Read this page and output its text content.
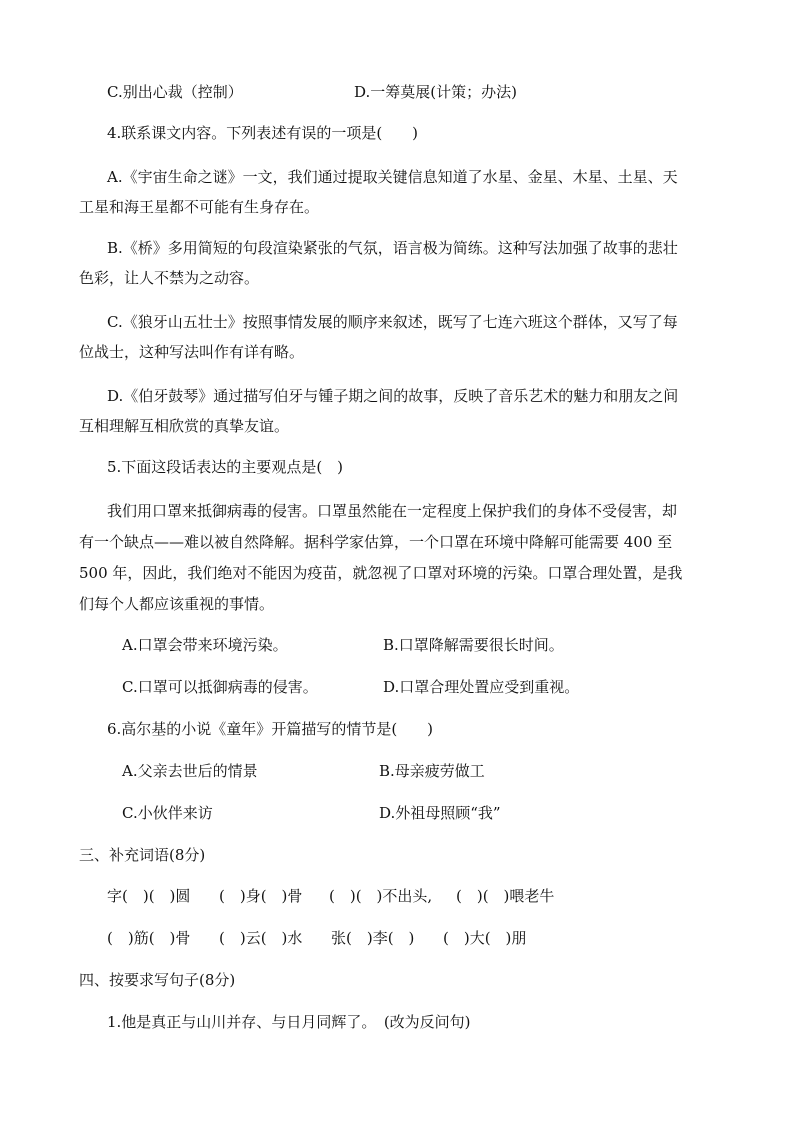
C.别出心裁（控制）	D.一筹莫展(计策；办法)
4.联系课文内容。下列表述有误的一项是(　　)
A.《宇宙生命之谜》一文，我们通过提取关键信息知道了水星、金星、木星、土星、天
工星和海王星都不可能有生身存在。
B.《桥》多用简短的句段渲染紧张的气氛，语言极为简练。这种写法加强了故事的悲壮
色彩，让人不禁为之动容。
C.《狼牙山五壮士》按照事情发展的顺序来叙述，既写了七连六班这个群体，又写了每
位战士，这种写法叫作有详有略。
D.《伯牙鼓琴》通过描写伯牙与锺子期之间的故事，反映了音乐艺术的魅力和朋友之间
互相理解互相欣赏的真挚友谊。
5.下面这段话表达的主要观点是(　)
我们用口罩来抵御病毒的侵害。口罩虽然能在一定程度上保护我们的身体不受侵害，却
有一个缺点——难以被自然降解。据科学家估算，一个口罩在环境中降解可能需要 400 至
500 年，因此，我们绝对不能因为疫苗，就忽视了口罩对环境的污染。口罩合理处置，是我
们每个人都应该重视的事情。
A.口罩会带来环境污染。	B.口罩降解需要很长时间。
C.口罩可以抵御病毒的侵害。	D.口罩合理处置应受到重视。
6.高尔基的小说《童年》开篇描写的情节是(　　)
A.父亲去世后的情景	B.母亲疲劳做工
C.小伙伴来访	D.外祖母照顾“我”
三、补充词语(8分)
字(　)(　)圆	(　)身(　)骨	(　)(　)不出头,	(　)(　)喂老牛
(　)筋(　)骨	(　)云(　)水	张(　)李(　)	(　)大(　)朋
四、按要求写句子(8分)
1.他是真正与山川并存、与日月同辉了。　(改为反问句)
